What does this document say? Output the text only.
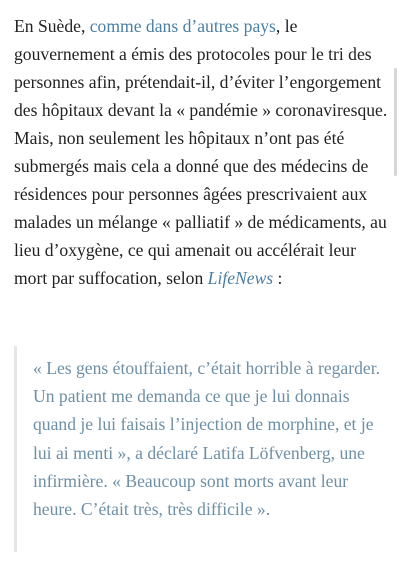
En Suède, comme dans d’autres pays, le gouvernement a émis des protocoles pour le tri des personnes afin, prétendait-il, d’éviter l’engorgement des hôpitaux devant la « pandémie » coronaviresque. Mais, non seulement les hôpitaux n’ont pas été submergés mais cela a donné que des médecins de résidences pour personnes âgées prescrivaient aux malades un mélange « palliatif » de médicaments, au lieu d’oxygène, ce qui amenait ou accélérait leur mort par suffocation, selon LifeNews :

« Les gens étouffaient, c’était horrible à regarder. Un patient me demanda ce que je lui donnais quand je lui faisais l’injection de morphine, et je lui ai menti », a déclaré Latifa Löfvenberg, une infirmière. « Beaucoup sont morts avant leur heure. C’était très, très difficile ».
